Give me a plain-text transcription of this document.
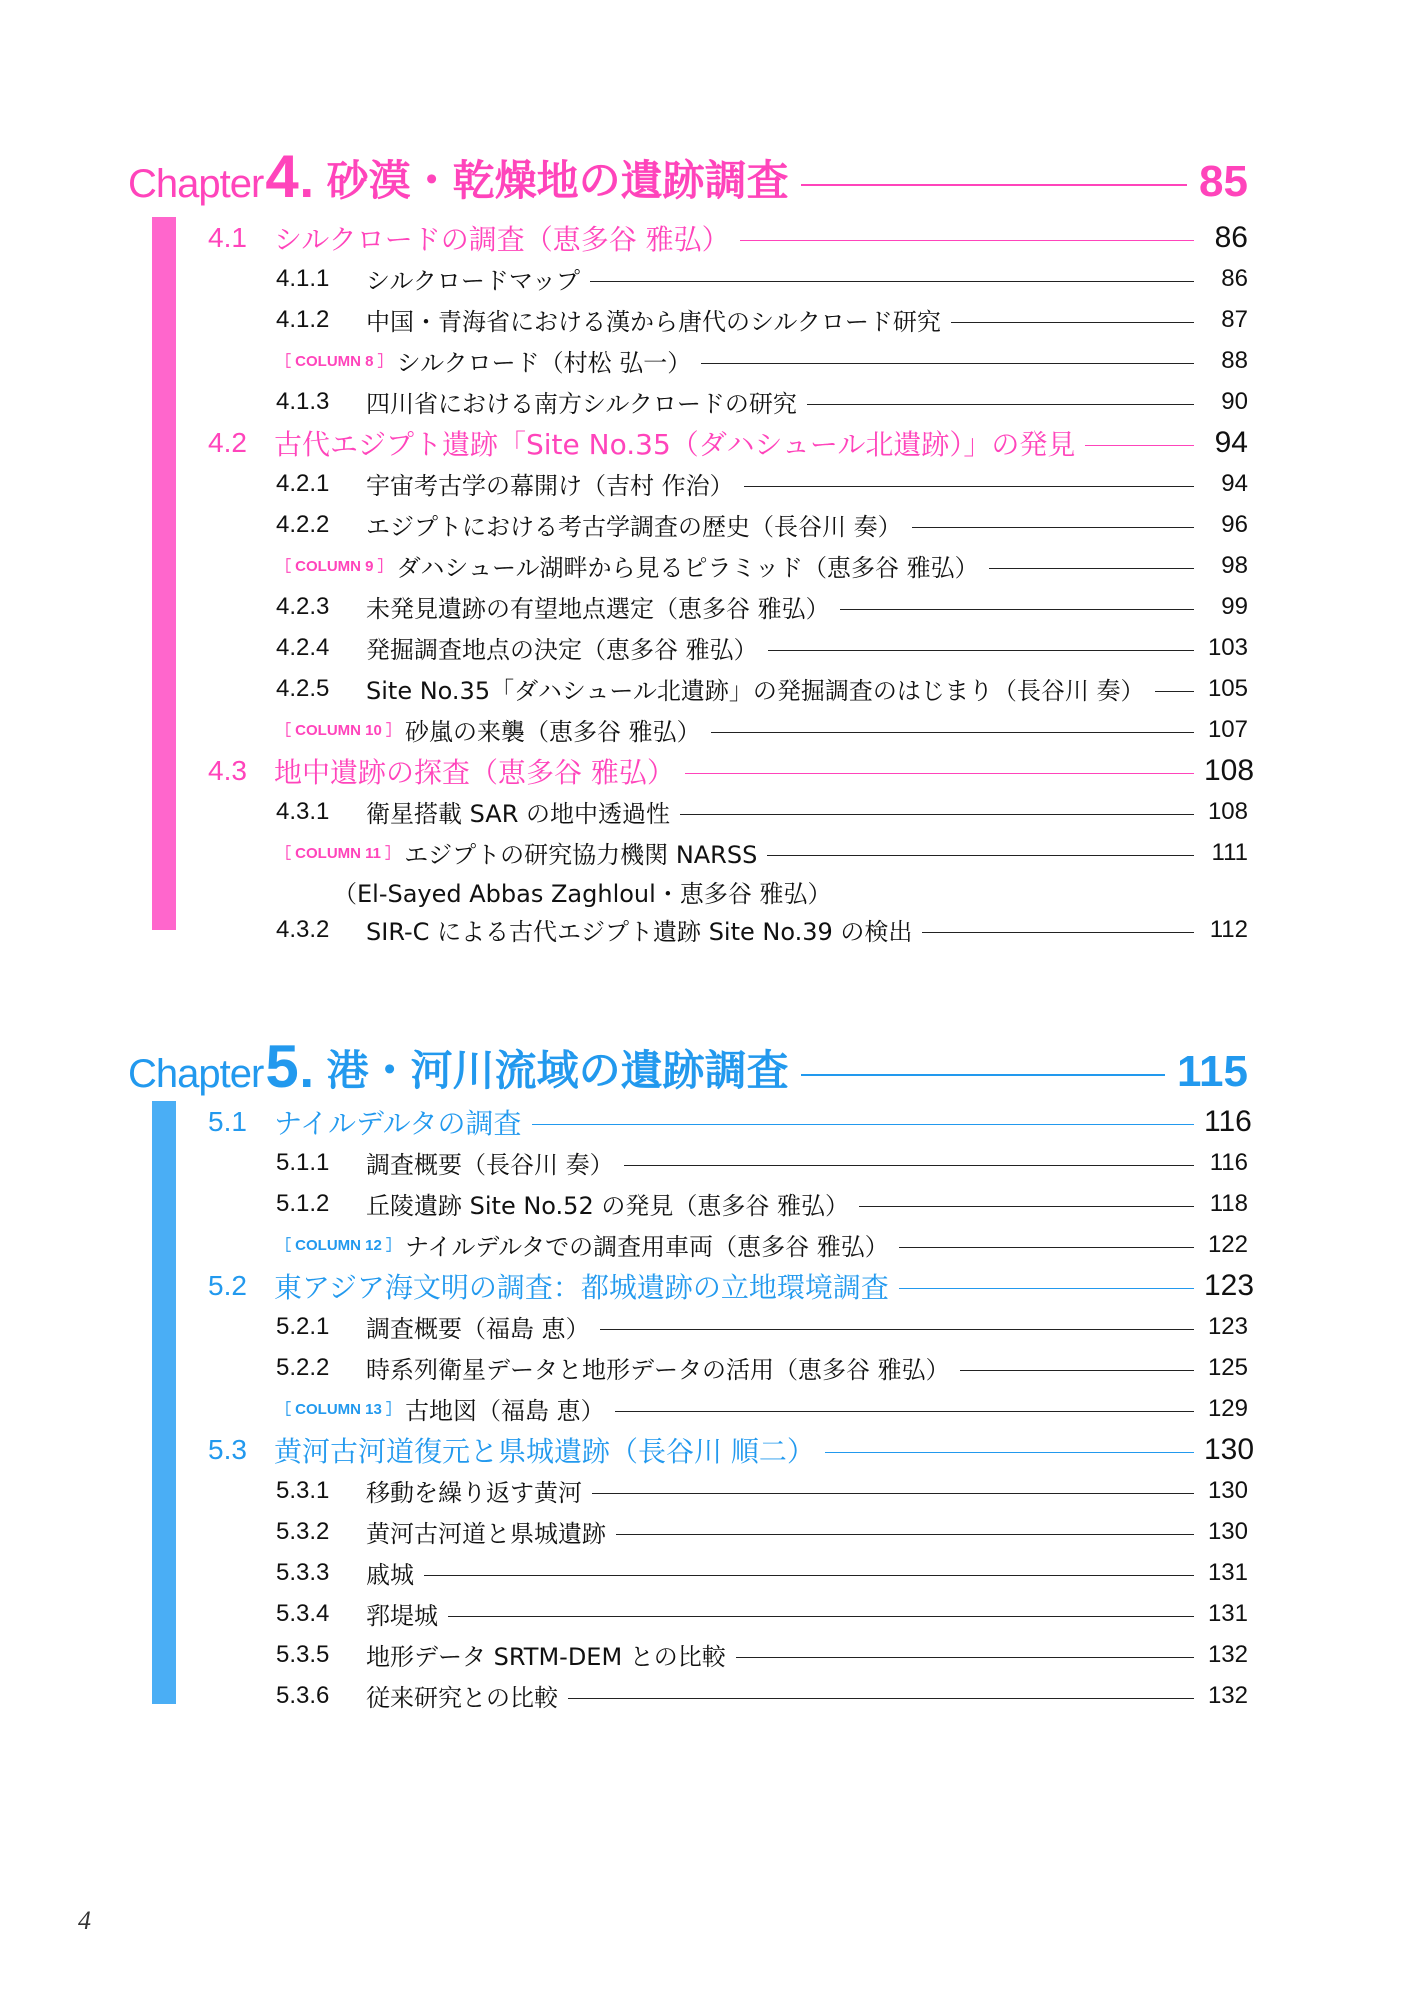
Chapter 4 . 砂漠・乾燥地の遺跡調査	85
4.1 シルクロードの調査（恵多谷 雅弘）	86
4.1.1	シルクロードマップ	86
4.1.2	中国・青海省における漢から唐代のシルクロード研究	87
［ COLUMN 8 ］ シルクロード（村松 弘一）	88
4.1.3	四川省における南方シルクロードの研究	90
4.2 古代エジプト遺跡「Site No.35（ダハシュール北遺跡）」の発見	94
4.2.1	宇宙考古学の幕開け（吉村 作治）	94
4.2.2	エジプトにおける考古学調査の歴史（長谷川 奏）	96
［ COLUMN 9 ］ ダハシュール湖畔から見るピラミッド（恵多谷 雅弘）	98
4.2.3	未発見遺跡の有望地点選定（恵多谷 雅弘）	99
4.2.4	発掘調査地点の決定（恵多谷 雅弘）	103
4.2.5	Site No.35「ダハシュール北遺跡」の発掘調査のはじまり（長谷川 奏）	105
［ COLUMN 10 ］ 砂嵐の来襲（恵多谷 雅弘）	107
4.3 地中遺跡の探査（恵多谷 雅弘）	108
4.3.1	衛星搭載 SAR の地中透過性	108
［ COLUMN 11 ］ エジプトの研究協力機関 NARSS	111
（El-Sayed Abbas Zaghloul・恵多谷 雅弘）
4.3.2	SIR-C による古代エジプト遺跡 Site No.39 の検出	112
Chapter 5 . 港・河川流域の遺跡調査	115
5.1 ナイルデルタの調査	116
5.1.1	調査概要（長谷川 奏）	116
5.1.2	丘陵遺跡 Site No.52 の発見（恵多谷 雅弘）	118
［ COLUMN 12 ］ ナイルデルタでの調査用車両（恵多谷 雅弘）	122
5.2 東アジア海文明の調査：都城遺跡の立地環境調査	123
5.2.1	調査概要（福島 恵）	123
5.2.2	時系列衛星データと地形データの活用（恵多谷 雅弘）	125
［ COLUMN 13 ］ 古地図（福島 恵）	129
5.3 黄河古河道復元と県城遺跡（長谷川 順二）	130
5.3.1	移動を繰り返す黄河	130
5.3.2	黄河古河道と県城遺跡	130
5.3.3	戚城	131
5.3.4	郛堤城	131
5.3.5	地形データ SRTM-DEM との比較	132
5.3.6	従来研究との比較	132
4
